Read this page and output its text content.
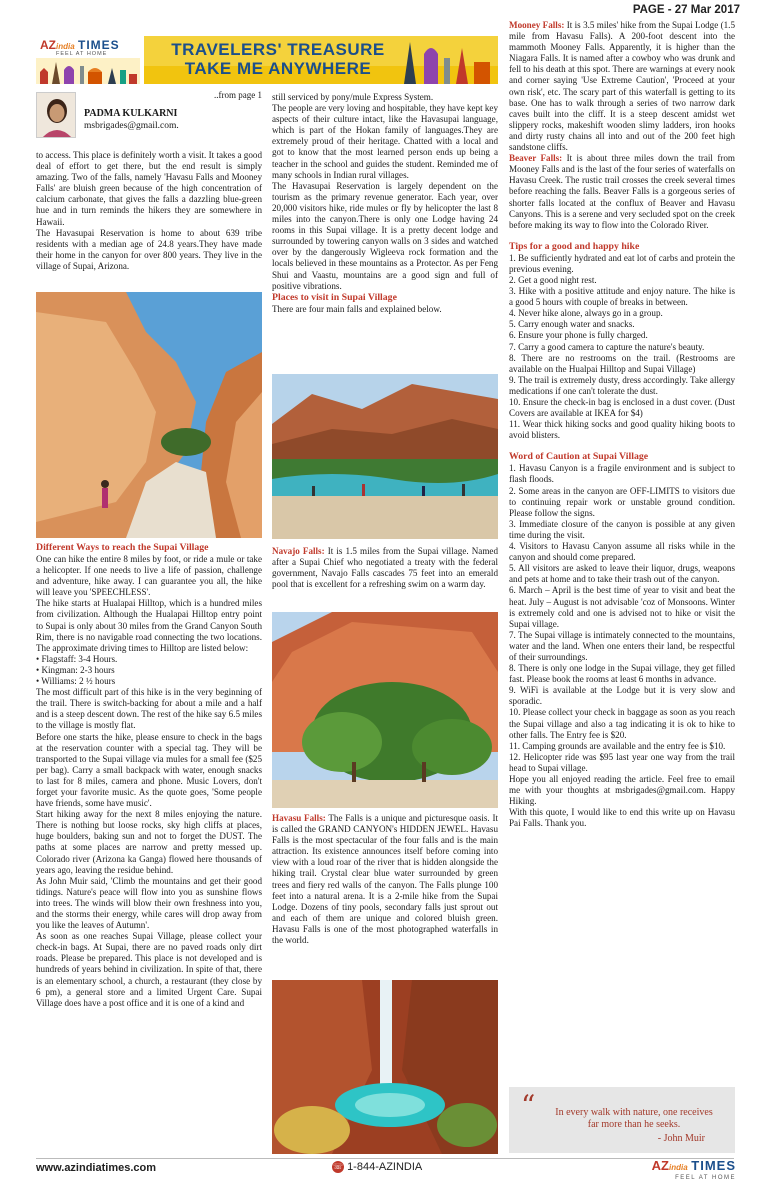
PAGE - 27 Mar 2017
AZindia TIMES
FEEL AT HOME	TRAVELERS' TREASURE
TAKE ME ANYWHERE
..from page 1
PADMA KULKARNI
msbrigades@gmail.com.

to access. This place is definitely worth a visit. It takes a good deal of effort to get there, but the end result is simply amazing. Two of the falls, namely 'Havasu Falls and Mooney Falls' are bluish green because of the high concentration of calcium carbonate, that gives the falls a dazzling blue-green hue and in turn reminds the hikers they are somewhere in Hawaii.

The Havasupai Reservation is home to about 639 tribe residents with a median age of 24.8 years.They have made their home in the canyon for over 800 years. They live in the village of Supai, Arizona.

Different Ways to reach the Supai Village

One can hike the entire 8 miles by foot, or ride a mule or take a helicopter. If one needs to live a life of passion, challenge and adventure, hike away. I can guarantee you all, the hike will leave you 'SPEECHLESS'.

The hike starts at Hualapai Hilltop, which is a hundred miles from civilization. Although the Hualapai Hilltop entry point to Supai is only about 30 miles from the Grand Canyon South Rim, there is no navigable road connecting the two locations. The approximate driving times to Hilltop are listed below:

• Flagstaff: 3-4 Hours.
• Kingman: 2-3 hours
• Williams: 2 ½ hours

The most difficult part of this hike is in the very beginning of the trail. There is switch-backing for about a mile and a half and is a steep descent down. The rest of the hike say 6.5 miles to the village is mostly flat.

Before one starts the hike, please ensure to check in the bags at the reservation counter with a special tag. They will be transported to the Supai village via mules for a small fee ($25 per bag). Carry a small backpack with water, enough snacks to last for 8 miles, camera and phone. Music Lovers, don't forget your favorite music. As the quote goes, 'Some people have friends, some have music'.

Start hiking away for the next 8 miles enjoying the nature. There is nothing but loose rocks, sky high cliffs at places, huge boulders, baking sun and not to forget the DUST. The paths at some places are narrow and pretty messed up. Colorado river (Arizona ka Ganga) flowed here thousands of years ago, leaving the residue behind.

As John Muir said, 'Climb the mountains and get their good tidings. Nature's peace will flow into you as sunshine flows into trees. The winds will blow their own freshness into you, and the storms their energy, while cares will drop away from you like the leaves of Autumn'.

As soon as one reaches Supai Village, please collect your check-in bags. At Supai, there are no paved roads only dirt roads. Please be prepared. This place is not developed and is hundreds of years behind in civilization. In spite of that, there is an elementary school, a church, a restaurant (they close by 6 pm), a general store and a limited Urgent Care. Supai Village does have a post office and it is one of a kind and

still serviced by pony/mule Express System.

The people are very loving and hospitable, they have kept key aspects of their culture intact, like the Havasupai language, which is part of the Hokan family of languages.They are extremely proud of their heritage. Chatted with a local and got to know that the most learned person ends up being a teacher in the school and guides the student. Reminded me of many schools in Indian rural villages.

The Havasupai Reservation is largely dependent on the tourism as the primary revenue generator. Each year, over 20,000 visitors hike, ride mules or fly by helicopter the last 8 miles into the canyon.There is only one Lodge having 24 rooms in this Supai village. It is a pretty decent lodge and surrounded by towering canyon walls on 3 sides and watched over by the dangerously Wigleeva rock formation and the locals believed in these mountains as a Protector. As per Feng Shui and Vaastu, mountains are a good sign and full of positive vibrations.

Places to visit in Supai Village

There are four main falls and explained below.

Navajo Falls: It is 1.5 miles from the Supai village. Named after a Supai Chief who negotiated a treaty with the federal government, Navajo Falls cascades 75 feet into an emerald pool that is excellent for a refreshing swim on a warm day.

Havasu Falls: The Falls is a unique and picturesque oasis. It is called the GRAND CANYON's HIDDEN JEWEL. Havasu Falls is the most spectacular of the four falls and is the main attraction. Its existence announces itself before coming into view with a loud roar of the river that is hidden alongside the hiking trail. Crystal clear blue water surrounded by green trees and fiery red walls of the canyon. The Falls plunge 100 feet into a natural arena. It is a 2-mile hike from the Supai Lodge. Dozens of tiny pools, secondary falls just sprout out and each of them are unique and colored bluish green. Havasu Falls is one of the most photographed waterfalls in the world.

Mooney Falls: It is 3.5 miles' hike from the Supai Lodge (1.5 mile from Havasu Falls). A 200-foot descent into the mammoth Mooney Falls. Apparently, it is higher than the Niagara Falls. It is named after a cowboy who was drunk and fell to his death at this spot. There are warnings at every nook and corner saying 'Use Extreme Caution', 'Proceed at your own risk', etc. The scary part of this waterfall is getting to its base. One has to walk through a series of two narrow dark caves built into the cliff. It is a steep descent amidst wet slippery rocks, makeshift wooden slimy ladders, iron hooks and dirty rusty chains all into and out of the 200 feet high sandstone cliffs.

Beaver Falls: It is about three miles down the trail from Mooney Falls and is the last of the four series of waterfalls on Havasu Creek. The rustic trail crosses the creek several times before reaching the falls. Beaver Falls is a gorgeous series of shorter falls located at the conflux of Beaver and Havasu Canyons. This is a serene and very secluded spot on the creek before making its way to flow into the Colorado River.

Tips for a good and happy hike

1. Be sufficiently hydrated and eat lot of carbs and protein the previous evening.
2. Get a good night rest.
3. Hike with a positive attitude and enjoy nature. The hike is a good 5 hours with couple of breaks in between.
4. Never hike alone, always go in a group.
5. Carry enough water and snacks.
6. Ensure your phone is fully charged.
7. Carry a good camera to capture the nature's beauty.
8. There are no restrooms on the trail. (Restrooms are available on the Hualpai Hilltop and Supai Village)
9. The trail is extremely dusty, dress accordingly. Take allergy medications if one can't tolerate the dust.
10. Ensure the check-in bag is enclosed in a dust cover. (Dust Covers are available at IKEA for $4)
11. Wear thick hiking socks and good quality hiking boots to avoid blisters.

Word of Caution at Supai Village

1. Havasu Canyon is a fragile environment and is subject to flash floods.
2. Some areas in the canyon are OFF-LIMITS to visitors due to continuing repair work or unstable ground condition. Please follow the signs.
3. Immediate closure of the canyon is possible at any given time during the visit.
4. Visitors to Havasu Canyon assume all risks while in the canyon and should come prepared.
5. All visitors are asked to leave their liquor, drugs, weapons and pets at home and to take their trash out of the canyon.
6. March – April is the best time of year to visit and beat the heat. July – August is not advisable 'coz of Monsoons. Winter is extremely cold and one is advised not to hike or visit the Supai village.
7. The Supai village is intimately connected to the mountains, water and the land. When one enters their land, be respectful of their surroundings.
8. There is only one lodge in the Supai village, they get filled fast. Please book the rooms at least 6 months in advance.
9. WiFi is available at the Lodge but it is very slow and sporadic.
10. Please collect your check in baggage as soon as you reach the Supai village and also a tag indicating it is ok to hike to other falls. The Entry fee is $20.
11. Camping grounds are available and the entry fee is $10.
12. Helicopter ride was $95 last year one way from the trail head to Supai village.

Hope you all enjoyed reading the article. Feel free to email me with your thoughts at msbrigades@gmail.com. Happy Hiking.

With this quote, I would like to end this write up on Havasu Pai Falls. Thank you.

“	In every walk with nature, one receives far more than he seeks.
- John Muir
www.azindiatimes.com	☏ 1-844-AZINDIA	AZindia TIMES
FEEL AT HOME
